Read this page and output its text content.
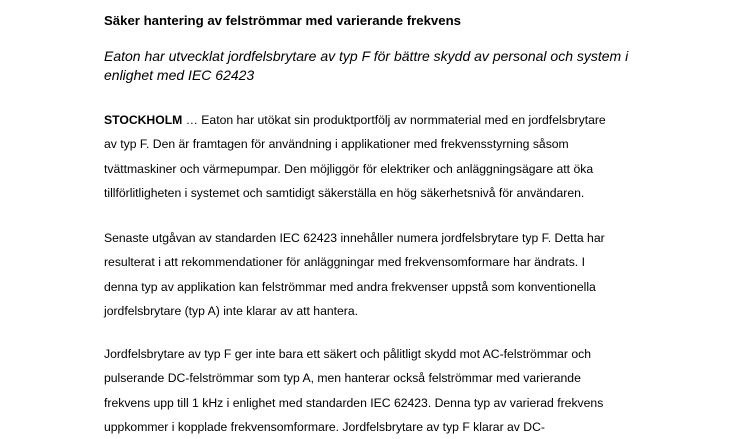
Säker hantering av felströmmar med varierande frekvens
Eaton har utvecklat jordfelsbrytare av typ F för bättre skydd av personal och system i enlighet med IEC 62423
STOCKHOLM … Eaton har utökat sin produktportfölj av normmaterial med en jordfelsbrytare
av typ F. Den är framtagen för användning i applikationer med frekvensstyrning såsom
tvättmaskiner och värmepumpar. Den möjliggör för elektriker och anläggningsägare att öka
tillförlitligheten i systemet och samtidigt säkerställa en hög säkerhetsnivå för användaren.
Senaste utgåvan av standarden IEC 62423 innehåller numera jordfelsbrytare typ F. Detta har
resulterat i att rekommendationer för anläggningar med frekvensomformare har ändrats. I
denna typ av applikation kan felströmmar med andra frekvenser uppstå som konventionella
jordfelsbrytare (typ A) inte klarar av att hantera.
Jordfelsbrytare av typ F ger inte bara ett säkert och pålitligt skydd mot AC-felströmmar och
pulserande DC-felströmmar som typ A, men hanterar också felströmmar med varierande
frekvens upp till 1 kHz i enlighet med standarden IEC 62423. Denna typ av varierad frekvens
uppkommer i kopplade frekvensomformare. Jordfelsbrytare av typ F klarar av DC-
